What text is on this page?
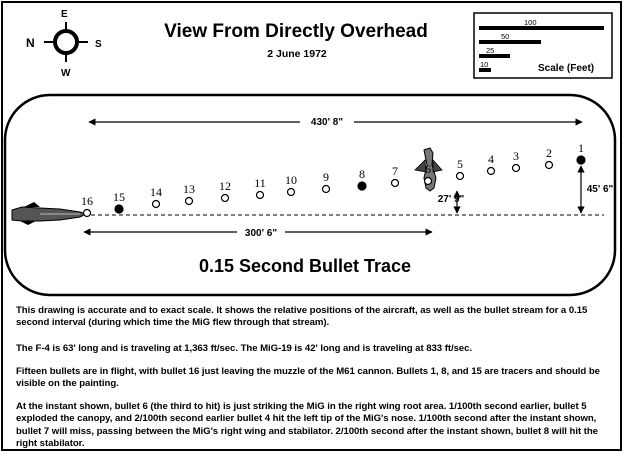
N
E
S
W
View From Directly Overhead
2 June 1972
100
50
25
10	Scale (Feet)
430' 8"
27' 9"
45' 6"
300' 6"
1
2
3
4
5
6
7
8
9
10
11
12
13
14
15
16
0.15 Second Bullet Trace

This drawing is accurate and to exact scale. It shows the relative positions of the aircraft, as well as the bullet stream for a 0.15 second interval (during which time the MiG flew through that stream).

The F-4 is 63' long and is traveling at 1,363 ft/sec. The MiG-19 is 42' long and is traveling at 833 ft/sec.

Fifteen bullets are in flight, with bullet 16 just leaving the muzzle of the M61 cannon. Bullets 1, 8, and 15 are tracers and should be visible on the painting.

At the instant shown, bullet 6 (the third to hit) is just striking the MiG in the right wing root area. 1/100th second earlier, bullet 5 exploded the canopy, and 2/100th second earlier bullet 4 hit the left tip of the MiG's nose. 1/100th second after the instant shown, bullet 7 will miss, passing between the MiG's right wing and stabilator. 2/100th second after the instant shown, bullet 8 will hit the right stabilator.
